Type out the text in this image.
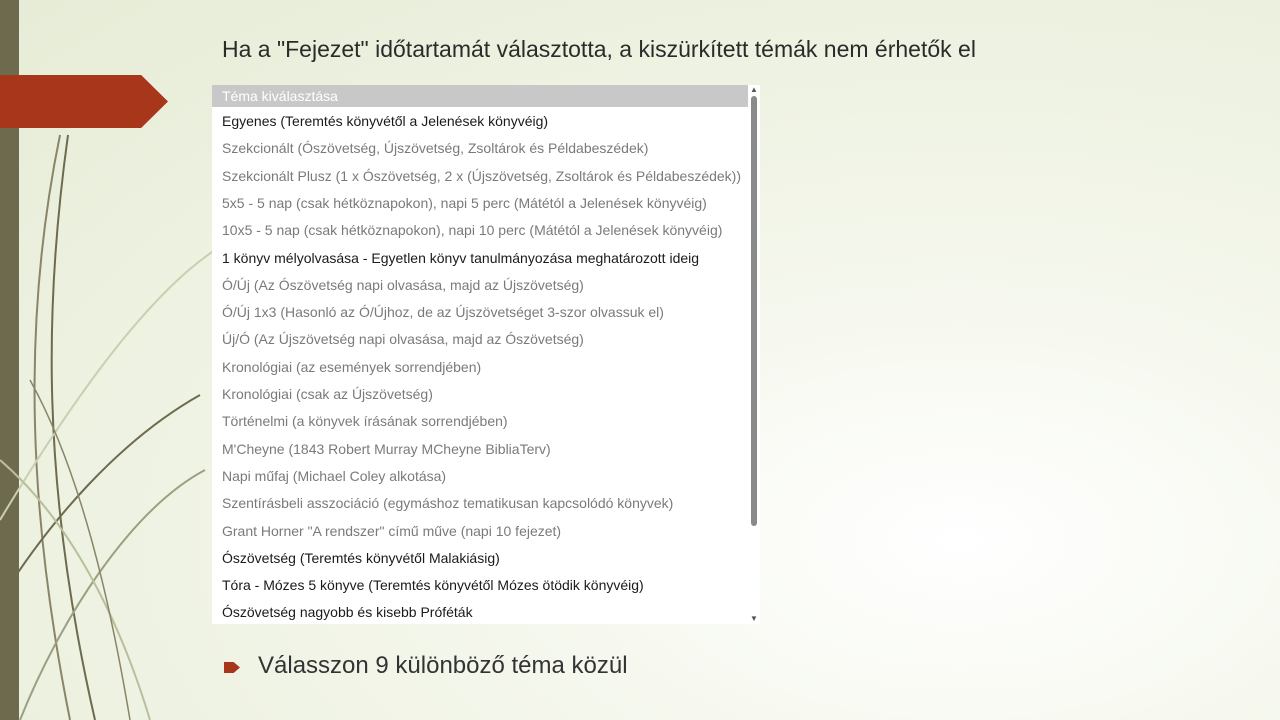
Ha a "Fejezet" időtartamát választotta, a kiszürkített témák nem érhetők el
Téma kiválasztása
Egyenes (Teremtés könyvétől a Jelenések könyvéig)
Szekcionált (Ószövetség, Újszövetség, Zsoltárok és Példabeszédek)
Szekcionált Plusz (1 x Ószövetség, 2 x (Újszövetség, Zsoltárok és Példabeszédek))
5x5 - 5 nap (csak hétköznapokon), napi 5 perc (Mátétól a Jelenések könyvéig)
10x5 - 5 nap (csak hétköznapokon), napi 10 perc (Mátétól a Jelenések könyvéig)
1 könyv mélyolvasása - Egyetlen könyv tanulmányozása meghatározott ideig
Ó/Új (Az Ószövetség napi olvasása, majd az Újszövetség)
Ó/Új 1x3 (Hasonló az Ó/Újhoz, de az Újszövetséget 3-szor olvassuk el)
Új/Ó (Az Újszövetség napi olvasása, majd az Ószövetség)
Kronológiai (az események sorrendjében)
Kronológiai (csak az Újszövetség)
Történelmi (a könyvek írásának sorrendjében)
M'Cheyne (1843 Robert Murray MCheyne BibliaTerv)
Napi műfaj (Michael Coley alkotása)
Szentírásbeli asszociáció (egymáshoz tematikusan kapcsolódó könyvek)
Grant Horner "A rendszer" című műve (napi 10 fejezet)
Ószövetség (Teremtés könyvétől Malakiásig)
Tóra - Mózes 5 könyve (Teremtés könyvétől Mózes ötödik könyvéig)
Ószövetség nagyobb és kisebb Próféták
▲
▼
Válasszon 9 különböző téma közül
